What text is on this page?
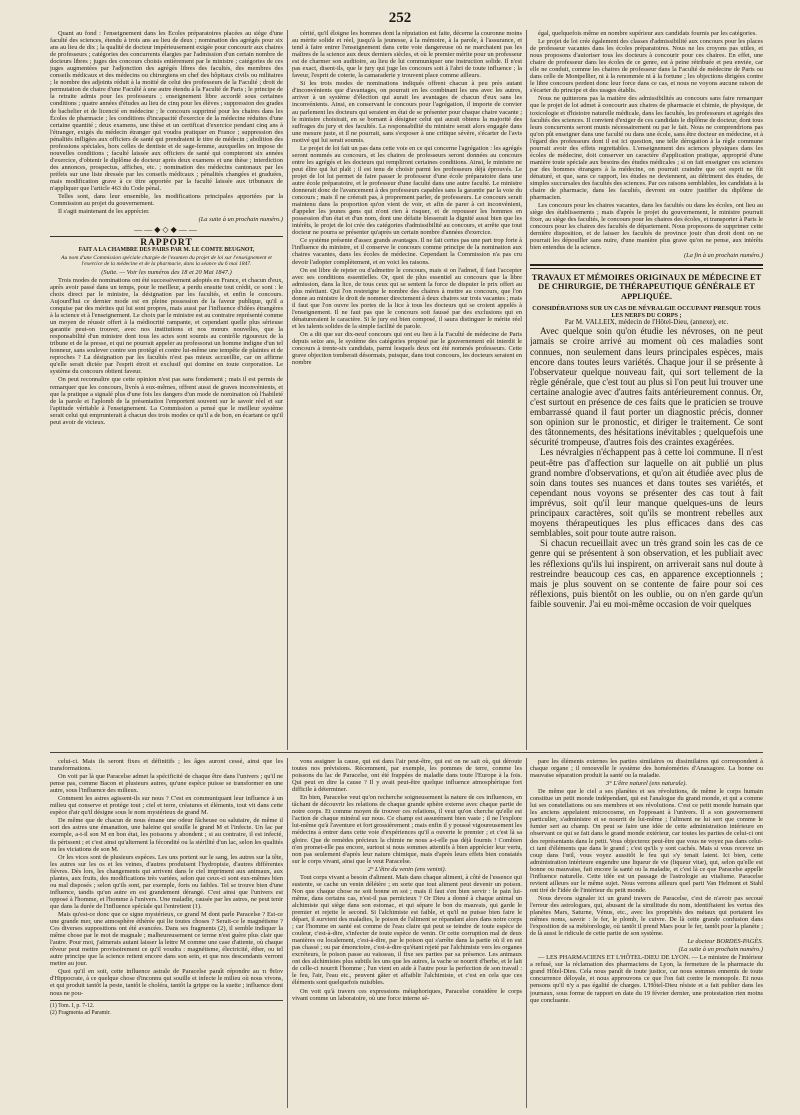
252

Quant au fond : l'enseignement dans les Écoles préparatoires placées au siège d'une faculté des sciences, étendu à trois ans au lieu de deux ; nomination des agrégés pour six ans au lieu de dix ; la qualité de docteur impérieusement exigée pour concourir aux chaires de professeurs ; catégories des concurrents élargies par l'admission d'un certain nombre de docteurs libres ; juges des concours choisis entièrement par le ministre ; catégories de ces juges augmentées par l'adjonction des agrégés libres des facultés, des membres des conseils médicaux et des médecins ou chirurgiens en chef des hôpitaux civils ou militaires ; le nombre des adjoints réduit à la moitié de celui des professeurs de la Faculté ; droit de permutation de chaire d'une Faculté à une autre étendu à la Faculté de Paris ; le principe de la retraite admis pour les professeurs ; enseignement libre accordé sous certaines conditions ; quatre années d'études au lieu de cinq pour les élèves ; suppression des grades de bachelier et de licencié en médecine ; le concours supprimé pour les chaires dans les Écoles de pharmacie ; les conditions d'incapacité d'exercice de la médecine réduites d'une certaine quantité ; deux examens, une thèse et un certificat d'exercice pendant cinq ans à l'étranger, exigés du médecin étranger qui voudra pratiquer en France ; suppression des pénalités infligées aux officiers de santé qui prendraient le titre de médecin ; abolition des professions spéciales, hors celles de dentiste et de sage-femme, auxquelles on impose de nouvelles conditions ; faculté laissée aux officiers de santé qui compteront six années d'exercice, d'obtenir le diplôme de docteur après deux examens et une thèse ; interdiction des annonces, prospectus, affiches, etc. ; nomination des médecins cantonaux par les préfets sur une liste dressée par les conseils médicaux ; pénalités changées et graduées, mais modification grave à ce titre apportée par la faculté laissée aux tribunaux de n'appliquer que l'article 463 du Code pénal.

Telles sont, dans leur ensemble, les modifications principales apportées par la Commission au projet du gouvernement.

Il s'agit maintenant de les apprécier.

(La suite à un prochain numéro.)

——◆◇◆——
RAPPORT

FAIT A LA CHAMBRE DES PAIRS PAR M. LE COMTE BEUGNOT,

Au nom d'une Commission spéciale chargée de l'examen du projet de loi sur l'enseignement et l'exercice de la médecine et de la pharmacie, dans la séance du 6 mai 1847.

(Suite. — Voir les numéros des 18 et 20 Mai 1847.)

Trois modes de nominations ont été successivement adoptés en France, et chacun d'eux, après avoir passé dans un temps, pour le meilleur, a perdu ensuite tout crédit, ce sont : le choix direct par le ministre, la désignation par les facultés, et enfin le concours. Aujourd'hui ce dernier mode est en pleine possession de la faveur publique, qu'il a conquise par des mérites qui lui sont propres, mais aussi par l'influence d'idées étrangères à la science et à l'enseignement. Le choix par le ministre est au contraire représenté comme un moyen de réussir offert à la médiocrité rampante, et cependant quelle plus sérieuse garantie peut-on trouver, avec nos institutions et nos mœurs nouvelles, que la responsabilité d'un ministre dont tous les actes sont soumis au contrôle rigoureux de la tribune et de la presse, et qui ne pourrait appeler au professorat un homme indigne d'un tel honneur, sans soulever contre son protégé et contre lui-même une tempête de plaintes et de reproches ? La désignation par les facultés n'est pas mieux accueillie, car on affirme qu'elle serait dictée par l'esprit étroit et exclusif qui domine en toute corporation. Le système du concours obtient faveur.

On peut reconnaître que cette opinion n'est pas sans fondement ; mais il est permis de remarquer que les concours, livrés à eux-mêmes, offrent aussi de graves inconvénients, et que la pratique a signalé plus d'une fois les dangers d'un mode de nomination où l'habileté de la parole et l'aplomb de la présentation l'emportent souvent sur le savoir réel et sur l'aptitude véritable à l'enseignement. La Commission a pensé que le meilleur système serait celui qui emprunterait à chacun des trois modes ce qu'il a de bon, en écartant ce qu'il peut avoir de vicieux.

cérité, qu'il éloigne les hommes dont la réputation est faite, décerne la couronne moins au mérite solide et réel, jusqu'à la jeunesse, à la mémoire, à la parole, à l'assurance, et tend à faire entrer l'enseignement dans cette voie dangereuse où ne marchaient pas les maîtres de la science aux deux derniers siècles, et où le premier mérite pour un professeur est de charmer son auditoire, au lieu de lui communiquer une instruction solide. Il n'est pas exact, disent-ils, que le jury qui juge les concours soit à l'abri de toute influence ; la faveur, l'esprit de coterie, la camaraderie y trouvent place comme ailleurs.

Si les trois modes de nominations indiqués offrent chacun à peu près autant d'inconvénients que d'avantages, on pourrait en les combinant les uns avec les autres, arriver à un système d'élection qui aurait les avantages de chacun d'eux sans les inconvénients. Ainsi, en conservant le concours pour l'agrégation, il importe de convier au parlement les docteurs qui seraient en état de se présenter pour chaque chaire vacante ; le ministre choisirait, en se bornant à désigner celui qui aurait obtenu la majorité des suffrages du jury et des facultés. La responsabilité du ministre serait alors engagée dans une mesure juste, et il ne pourrait, sans s'exposer à une critique sévère, s'écarter de l'avis motivé qui lui serait soumis.

Le projet de loi fait un pas dans cette voie en ce qui concerne l'agrégation : les agrégés seront nommés au concours, et les chaires de professeurs seront données au concours entre les agrégés et les docteurs qui rempliront certaines conditions. Ainsi, le ministre ne peut élire qui lui plaît ; il est tenu de choisir parmi les professeurs déjà éprouvés. Le projet de loi lui permet de faire passer le professeur d'une école préparatoire dans une autre école préparatoire, et le professeur d'une faculté dans une autre faculté. Le ministre donnerait donc de l'avancement à des professeurs capables sans la garantie par la voie du concours ; mais il ne créerait pas, à proprement parler, de professeurs. Le concours serait maintenu dans la proportion qu'on vient de voir, et afin de parer à cet inconvénient, d'appeler les jeunes gens qui n'ont rien à risquer, et de repousser les hommes en possession d'un état et d'un nom, dont une défaite blesserait la dignité aussi bien que les intérêts, le projet de loi crée des catégories d'admissibilité au concours, et arrête que tout docteur ne pourra se présenter qu'après un certain nombre d'années d'exercice.

Ce système présente d'assez grands avantages. Il ne fait certes pas une part trop forte à l'influence du ministre, et il conserve le concours comme principe de la nomination aux chaires vacantes, dans les écoles de médecine. Cependant la Commission n'a pas cru devoir l'adopter complètement, et en voici les raisons.

On est libre de rejeter ou d'admettre le concours, mais si on l'admet, il faut l'accepter avec ses conditions essentielles. Or, quoi de plus essentiel au concours que la libre admission, dans la lice, de tous ceux qui se sentent la force de disputer le prix offert au plus méritant. Qui l'on restreigne le nombre des chaires à mettre au concours, que l'on donne au ministre le droit de nommer directement à deux chaires sur trois vacantes ; mais il faut que l'on ouvre les portes de la lice à tous les docteurs qui se croient appelés à l'enseignement. Il ne faut pas que le concours soit faussé par des exclusions qui en dénatureraient le caractère. Si le jury est bien composé, il saura distinguer le mérite réel et les talents solides de la simple facilité de parole.

On a dit que sur dix-neuf concours qui ont eu lieu à la Faculté de médecine de Paris depuis seize ans, le système des catégories proposé par le gouvernement eût interdit le concours à trente-six candidats, parmi lesquels deux ont été nommés professeurs. Cette grave objection tomberait désormais, puisque, dans tout concours, les docteurs seraient en nombre

égal, quelquefois même en nombre supérieur aux candidats fournis par les catégories.

Le projet de loi crée également des classes d'admissibilité aux concours pour les places de professeur vacantes dans les écoles préparatoires. Nous ne les croyons pas utiles, et nous proposons d'autoriser tous les docteurs à concourir pour ces chaires. En effet, une chaire de professeur dans les écoles de ce genre, est à peine rétribuée et peu enviée, car elle ne conduit, comme les chaires de professeur dans la Faculté de médecine de Paris ou dans celle de Montpellier, ni à la renommée ni à la fortune ; les objections dirigées contre le libre concours perdent donc leur force dans ce cas, et nous ne voyons aucune raison de s'écarter du principe et des usages établis.

Nous ne quitterons pas la matière des admissibilités au concours sans faire remarquer que le projet de loi admet à concourir aux chaires de pharmacie et chimie, de physique, de toxicologie et d'histoire naturelle médicale, dans les facultés, les professeurs et agrégés des facultés des sciences. Il convient d'exiger de ces candidats le diplôme de docteur, dont tous leurs concurrents seront munis nécessairement ou par le fait. Nous ne comprendrions pas qu'on pût enseigner dans une faculté ou dans une école, sans être docteur en médecine, et à l'égard des professeurs dont il est ici question, une telle dérogation à la règle commune pourrait avoir des effets regrettables. L'enseignement des sciences physiques dans les écoles de médecine, doit conserver un caractère d'application pratique, approprié d'une manière toute spéciale aux besoins des études médicales ; si on fait enseigner ces sciences par des hommes étrangers à la médecine, on pourrait craindre que cet esprit ne fût dénaturé, et que, sans ce rapport, les études ne deviennent, au détriment des études, de simples succursales des facultés des sciences. Par ces raisons semblables, les candidats à la chaire de pharmacie, dans les facultés, devront en outre justifier du diplôme de pharmacien.

Les concours pour les chaires vacantes, dans les facultés ou dans les écoles, ont lieu au siège des établissements ; mais d'après le projet du gouvernement, le ministre pourrait fixer, au siège des facultés, le concours pour les chaires des écoles, et transporter à Paris le concours pour les chaires des facultés de département. Nous proposons de supprimer cette dernière disposition, et de laisser les facultés de province jouir d'un droit dont on ne pourrait les dépouiller sans nuire, d'une manière plus grave qu'on ne pense, aux intérêts bien entendus de la science.

(La fin à un prochain numéro.)

TRAVAUX ET MÉMOIRES ORIGINAUX DE MÉDECINE ET DE CHIRURGIE, DE THÉRAPEUTIQUE GÉNÉRALE ET APPLIQUÉE.
CONSIDÉRATIONS SUR UN CAS DE NÉVRALGIE OCCUPANT PRESQUE TOUS LES NERFS DU CORPS ;
Par M. VALLEIX, médecin de l'Hôtel-Dieu, (annexe), etc.

Avec quelque soin qu'on étudie les névroses, on ne peut jamais se croire arrivé au moment où ces maladies sont connues, non seulement dans leurs principales espèces, mais encore dans toutes leurs variétés. Chaque jour il se présente à l'observateur quelque nouveau fait, qui sort tellement de la règle générale, que c'est tout au plus si l'on peut lui trouver une certaine analogie avec d'autres faits antérieurement connus. Or, c'est surtout en présence de ces faits que le praticien se trouve embarrassé quand il faut porter un diagnostic précis, donner son opinion sur le pronostic, et diriger le traitement. Ce sont des tâtonnements, des hésitations inévitables ; quelquefois une sécurité trompeuse, d'autres fois des craintes exagérées.

Les névralgies n'échappent pas à cette loi commune. Il n'est peut-être pas d'affection sur laquelle on ait publié un plus grand nombre d'observations, et qu'on ait étudiée avec plus de soin dans toutes ses nuances et dans toutes ses variétés, et cependant nous voyons se présenter des cas tout à fait imprévus, soit qu'il leur manque quelques-uns de leurs principaux caractères, soit qu'ils se montrent rebelles aux moyens thérapeutiques les plus efficaces dans des cas semblables, soit pour toute autre raison.

Si chacun recueillait avec un très grand soin les cas de ce genre qui se présentent à son observation, et les publiait avec les réflexions qu'ils lui inspirent, on arriverait sans nul doute à restreindre beaucoup ces cas, en apparence exceptionnels ; mais je plus souvent on se contente de faire pour soi ces réflexions, puis bientôt on les oublie, ou on n'en garde qu'un faible souvenir. J'ai eu moi-même occasion de voir quelques

celui-ci. Mais ils seront fixes et définitifs ; les âges auront cessé, ainsi que les transformations.

On voit par là que Paracelse admet la spécificité de chaque être dans l'univers ; qu'il ne pense pas, comme Bacon et plusieurs autres, qu'une espèce puisse se transformer en une autre, sous l'influence des milieux.

Comment les astres agissent-ils sur nous ? C'est en communiquant leur influence à un milieu qui conserve et protège tout ; ciel et terre, créatures et éléments, tout vit dans cette espèce d'air qu'il désigne sous le nom mystérieux de grand M.

De même que de chacun de nous émane une odeur fâcheuse ou salutaire, de même il sort des astres une émanation, une haleine qui souille le grand M et l'infecte. Un lac par exemple, a-t-il son M en bon état, les poissons y abondent ; si au contraire, il est infecté, ils périssent ; et c'est ainsi qu'alternent la fécondité ou la stérilité d'un lac, selon les qualités ou les viciations de son M.

Or les vices sont de plusieurs espèces. Les uns portent sur le sang, les autres sur la tête, les autres sur les os et les veines, d'autres produisent l'hydropisie, d'autres différentes fièvres. Dès lors, les changements qui arrivent dans le ciel impriment aux animaux, aux plantes, aux fruits, des modifications très variées, selon que ceux-ci sont eux-mêmes bien ou mal disposés ; selon qu'ils sont, par exemple, forts ou faibles. Tel se trouve bien d'une influence, tandis qu'un autre en est grandement dérangé. C'est ainsi que l'univers est opposé à l'homme, et l'homme à l'univers. Une maladie, causée par les astres, ne peut tenir que dans la durée de l'influence spéciale qui l'entretient (1).

Mais qu'est-ce donc que ce signe mystérieux, ce grand M dont parle Paracelse ? Est-ce une grande mer, une atmosphère éthérée qui lie toutes choses ? Serait-ce le magnétisme ? Ces diverses suppositions ont été avancées. Dans ses fragments (2), il semble indiquer la même chose par le mot de magnale ; malheureusement ce terme n'est guère plus clair que l'autre. Pour moi, j'aimerais autant laisser la lettre M comme une case d'attente, où chaque rêveur peut mettre provisoirement ce qu'il voudra : magnétisme, électricité, éther, ou tel autre principe que la science retient encore dans son sein, et que nos descendants verront mettre au jour.

Quoi qu'il en soit, cette influence astrale de Paracelse paraît répondre au τι θεῖον d'Hippocrate, à ce quelque chose d'inconnu qui souille et infecte le milieu où nous vivons, et qui produit tantôt la peste, tantôt le choléra, tantôt la grippe ou la suette ; influence dont nous ne pou-

(1) Tom. I, p. 7-12.
(2) Fragmenta ad Paramir.

vons assigner la cause, qui est dans l'air peut-être, qui est on ne sait où, qui déroute toutes nos prévisions. Récemment, par exemple, les pommes de terre, comme les poissons du lac de Paracelse, ont été frappées de maladie dans toute l'Europe à la fois. Qui peut en dire la cause ? Il y avait peut-être quelque influence atmosphérique fort difficile à déterminer.

En bien, Paracelse veut qu'on recherche soigneusement la nature de ces influences, en tâchant de découvrir les relations de chaque grande sphère externe avec chaque partie de notre corps. Et comme moyen de trouver ces relations, il veut qu'on cherche qu'elle est l'action de chaque minéral sur nous. Ce champ est assurément bien vaste ; il ne l'explore lui-même qu'à l'aventure et fort grossièrement ; mais enfin il y poussé vigoureusement les médecins à entrer dans cette voie d'expériences qu'il a ouverte le premier ; et c'est là sa gloire. Que de remèdes précieux la chimie ne nous a-t-elle pas déjà fournis ! Combien n'en promet-elle pas encore, surtout si nous sommes attentifs à bien apprécier leur vertu, non pas seulement d'après leur nature chimique, mais d'après leurs effets bien constatés sur le corps vivant, ainsi que le veut Paracelse.

2° L'être du venin (ens venini).

Tout corps vivant a besoin d'aliment. Mais dans chaque aliment, à côté de l'essence qui sustente, se cache un venin délétère ; en sorte que tout aliment peut devenir un poison. Non que chaque chose ne soit bonne en soi ; mais il faut s'en bien servir : le pain lui-même, dans certains cas, n'est-il pas pernicieux ? Or Dieu a donné à chaque animal un alchimiste qui siège dans son estomac, et qui sépare le bon du mauvais, qui garde le premier et rejette le second. Si l'alchimiste est faible, et qu'il ne puisse bien faire le départ, il survient des maladies, le poison de l'aliment se répandant alors dans notre corps ; car l'homme en santé est comme de l'eau claire qui peut se teindre de toute espèce de couleur, c'est-à-dire, s'infecter de toute espèce de venin. Or cette corruption mal de deux manières ou localement, c'est-à-dire, par le poison qui s'arrête dans la partie où il en est pas chassé ; ou par émonctoire, c'est-à-dire qu'étant rejeté par l'alchimiste vers les organes excréteurs, le poison passe au vaisseau, il fixe ses parties par sa présence. Les animaux ont des alchimistes plus subtils les uns que les autres, la vache se nourrit d'herbe, et le lait de celle-ci nourrit l'homme ; l'un vient en aide à l'autre pour la perfection de son travail : le feu, l'air, l'eau etc., peuvent gâter et affaiblir l'alchimiste, et c'est en cela que ces éléments sont quelquefois nuisibles.

On voit qu'à travers ces expressions métaphoriques, Paracelse considère le corps vivant comme un laboratoire, où une force interne sé-

pare les éléments externes les parties similaires ou dissimilaires qui correspondent à chaque organe ; il renouvelle le système des homéoméries d'Anaxagore. La bonne ou mauvaise séparation produit la santé ou la maladie.

3° L'être naturel (ens naturale).

De même que le ciel a ses planètes et ses révolutions, de même le corps humain constitue un petit monde indépendant, qui est l'analogue du grand monde, et qui a comme lui ses constellations ou ses membres et ses révolutions. C'est ce petit monde humain que les anciens appelaient microcosme, en l'opposant à l'univers. Il a son gouvernement particulier, s'administre et se nourrit de lui-même ; l'aliment ne lui sert que comme le fumier sert au champ. On peut se faire une idée de cette administration intérieure en observant ce qui se fait dans le grand monde extérieur, car toutes les parties de celui-ci ont des représentants dans le petit. Vous objecterez peut-être que vous ne voyez pas dans celui-ci tant d'éléments que dans le grand ; c'est qu'ils y sont cachés. Mais si vous recevez un coup dans l'œil, vous voyez aussitôt le feu qui s'y tenait latent. Ici bien, cette administration intérieure engendre une liqueur de vie (liqueur vitæ), qui, selon qu'elle est bonne ou mauvaise, fait encore la santé ou la maladie, et c'est là ce que Paracelse appelle l'influence naturelle. Cette idée est un passage de l'astrologie au vitalisme. Paracelse revient ailleurs sur le même sujet. Nous verrons ailleurs quel parti Van Helmont et Stahl ont tiré de l'idée de l'intérieur du petit monde.

Nous devons signaler ici un grand travers de Paracelse, c'est de n'avoir pas secoué l'erreur des astrologues, qui, abusant de la similitude du nom, identifiaient les vertus des planètes Mars, Saturne, Vénus, etc., avec les propriétés des métaux qui portaient les mêmes noms, savoir : le fer, le plomb, le cuivre. De là cette grande confusion dans l'exposition de sa météorologie, où tantôt il prend Mars pour le fer, tantôt pour la planète ; de là aussi le ridicule de cette partie de son système.

Le docteur BORDES-PAGÈS.

(La suite à un prochain numéro.)

— LES PHARMACIENS ET L'HÔTEL-DIEU DE LYON. — Le ministre de l'intérieur a refusé, sur la réclamation des pharmaciens de Lyon, la fermeture de la pharmacie du grand Hôtel-Dieu. Cela nous paraît de toute justice, car nous sommes ennemis de toute concurrence déloyale, et nous approuvons ce que l'on fait contre le monopole. Et nous pensons qu'il n'y a pas égalité de charges. L'Hôtel-Dieu résiste et a fait publier dans les journaux, sous forme de rapport en date du 19 février dernier, une protestation rien moins que concluante.
